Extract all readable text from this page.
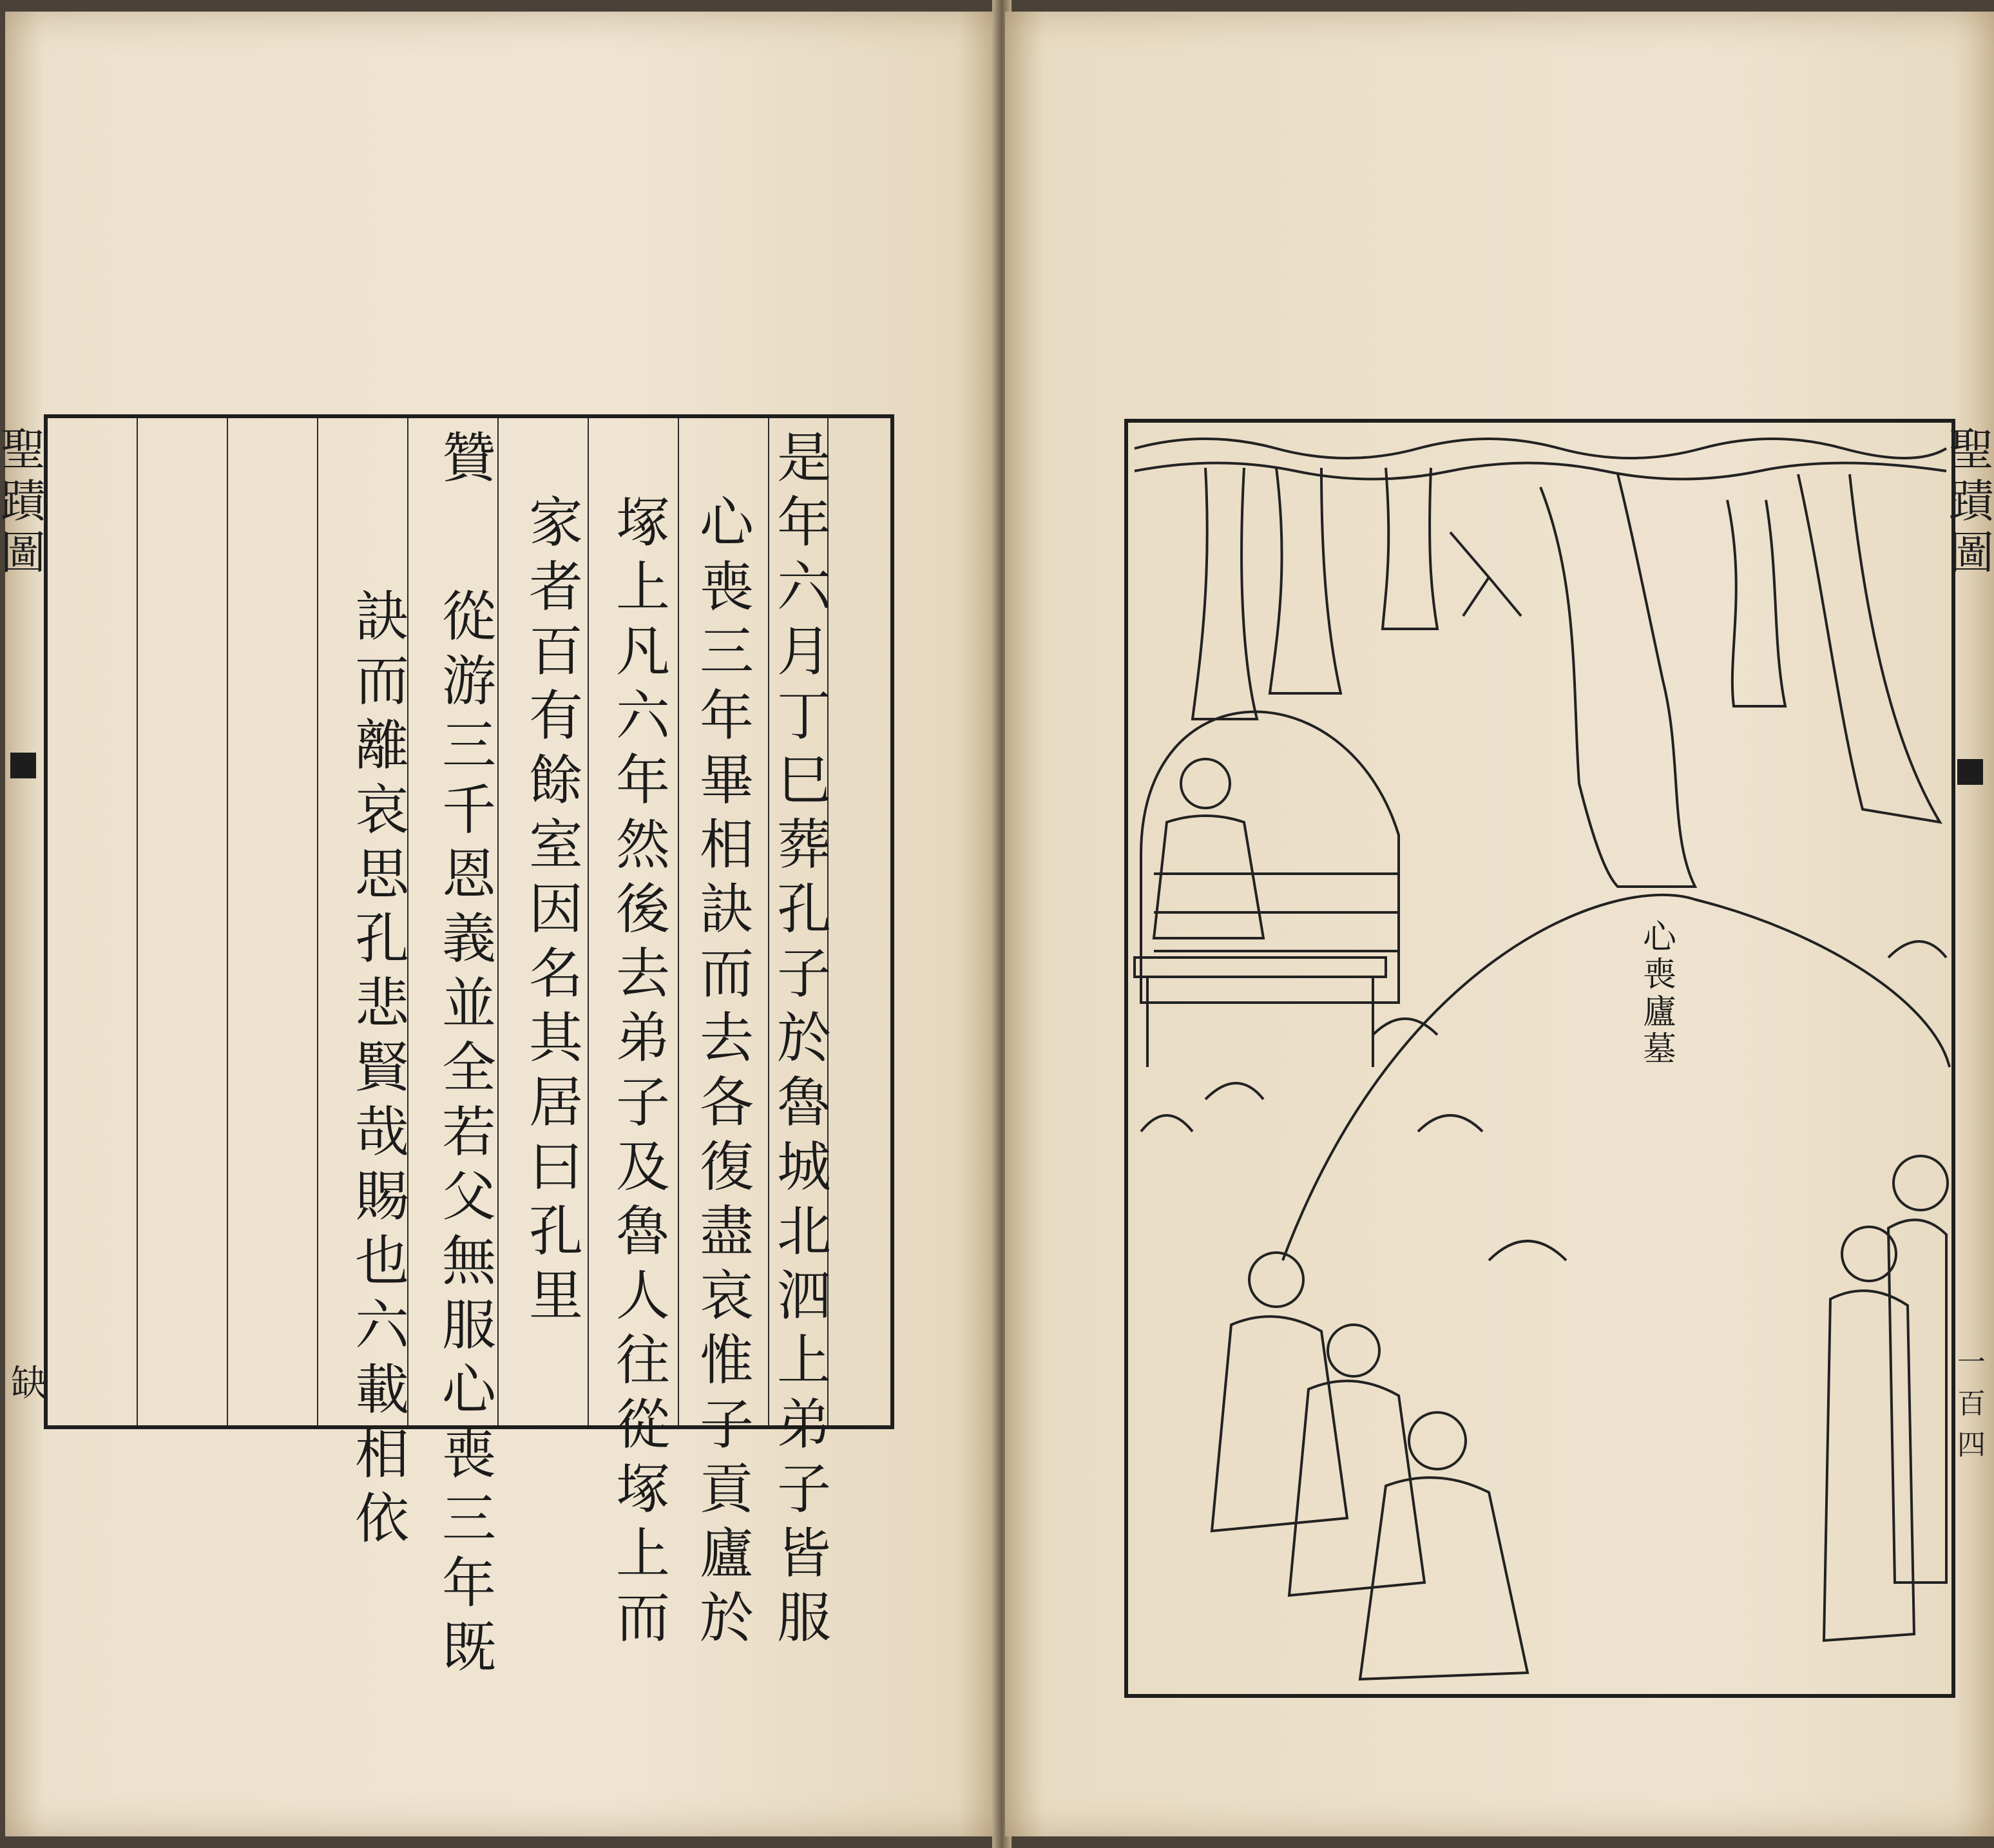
聖
蹟
圖
缺
是
年
六
月
丁
巳
葬
孔
子
於
魯
城
北
泗
上
弟
子
皆
服
心
喪
三
年
畢
相
訣
而
去
各
復
盡
哀
惟
子
貢
廬
於
塚
上
凡
六
年
然
後
去
弟
子
及
魯
人
往
從
塚
上
而
家
者
百
有
餘
室
因
名
其
居
曰
孔
里
贊
從
游
三
千
恩
義
並
全
若
父
無
服
心
喪
三
年
既
訣
而
離
哀
思
孔
悲
賢
哉
賜
也
六
載
相
依
聖
蹟
圖
一百四
心
喪
廬
墓
